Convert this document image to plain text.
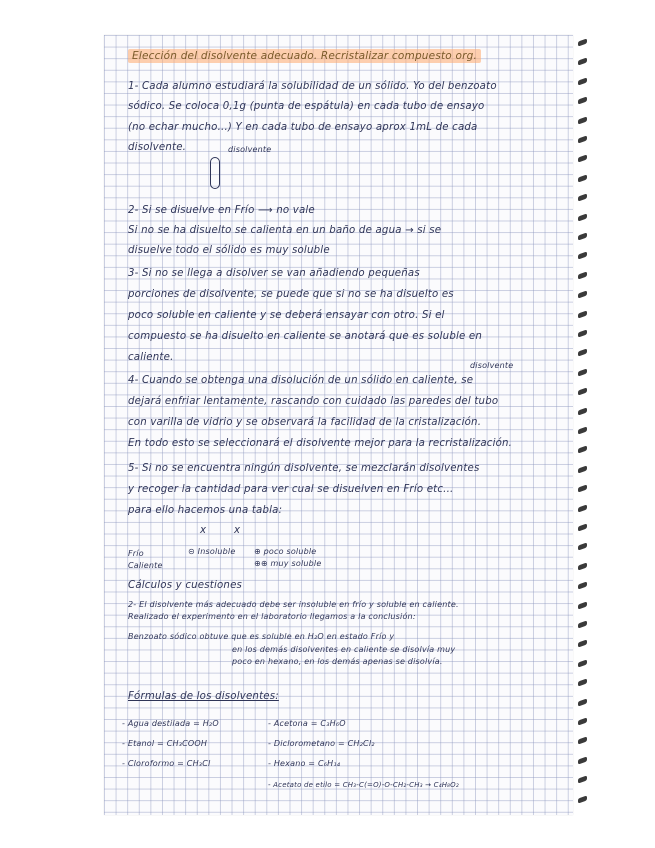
Elección del disolvente adecuado. Recristalizar compuesto org.
1- Cada alumno estudiará la solubilidad de un sólido. Yo del benzoato
sódico. Se coloca 0,1g (punta de espátula) en cada tubo de ensayo
(no echar mucho...) Y en cada tubo de ensayo aprox 1mL de cada
disolvente.	disolvente
2- Si se disuelve en Frío ⟶ no vale
Si no se ha disuelto se calienta en un baño de agua → si se
disuelve todo el sólido es muy soluble
3- Si no se llega a disolver se van añadiendo pequeñas
porciones de disolvente, se puede que si no se ha disuelto es
poco soluble en caliente y se deberá ensayar con otro. Si el
compuesto se ha disuelto en caliente se anotará que es soluble en
caliente.
disolvente
4- Cuando se obtenga una disolución de un sólido en caliente, se
dejará enfriar lentamente, rascando con cuidado las paredes del tubo
con varilla de vidrio y se observará la facilidad de la cristalización.
En todo esto se seleccionará el disolvente mejor para la recristalización.
5- Si no se encuentra ningún disolvente, se mezclarán disolventes
y recoger la cantidad para ver cual se disuelven en Frío etc...
para ello hacemos una tabla:
x	x
Frío
Caliente
⊝ Insoluble ⊕ poco soluble
⊕⊕ muy soluble
Cálculos y cuestiones
2- El disolvente más adecuado debe ser insoluble en frío y soluble en caliente.
Realizado el experimento en el laboratorio llegamos a la conclusión:
Benzoato sódico obtuve que es soluble en H₂O en estado Frío y
en los demás disolventes en caliente se disolvía muy
poco en hexano, en los demás apenas se disolvía.
Fórmulas de los disolventes:
- Agua destilada = H₂O
- Etanol = CH₃COOH
- Cloroformo = CH₃Cl
- Acetona = C₃H₆O
- Diclorometano = CH₂Cl₂
- Hexano = C₆H₁₄
- Acetato de etilo = CH₃-C(=O)-O-CH₂-CH₃ → C₄H₈O₂
